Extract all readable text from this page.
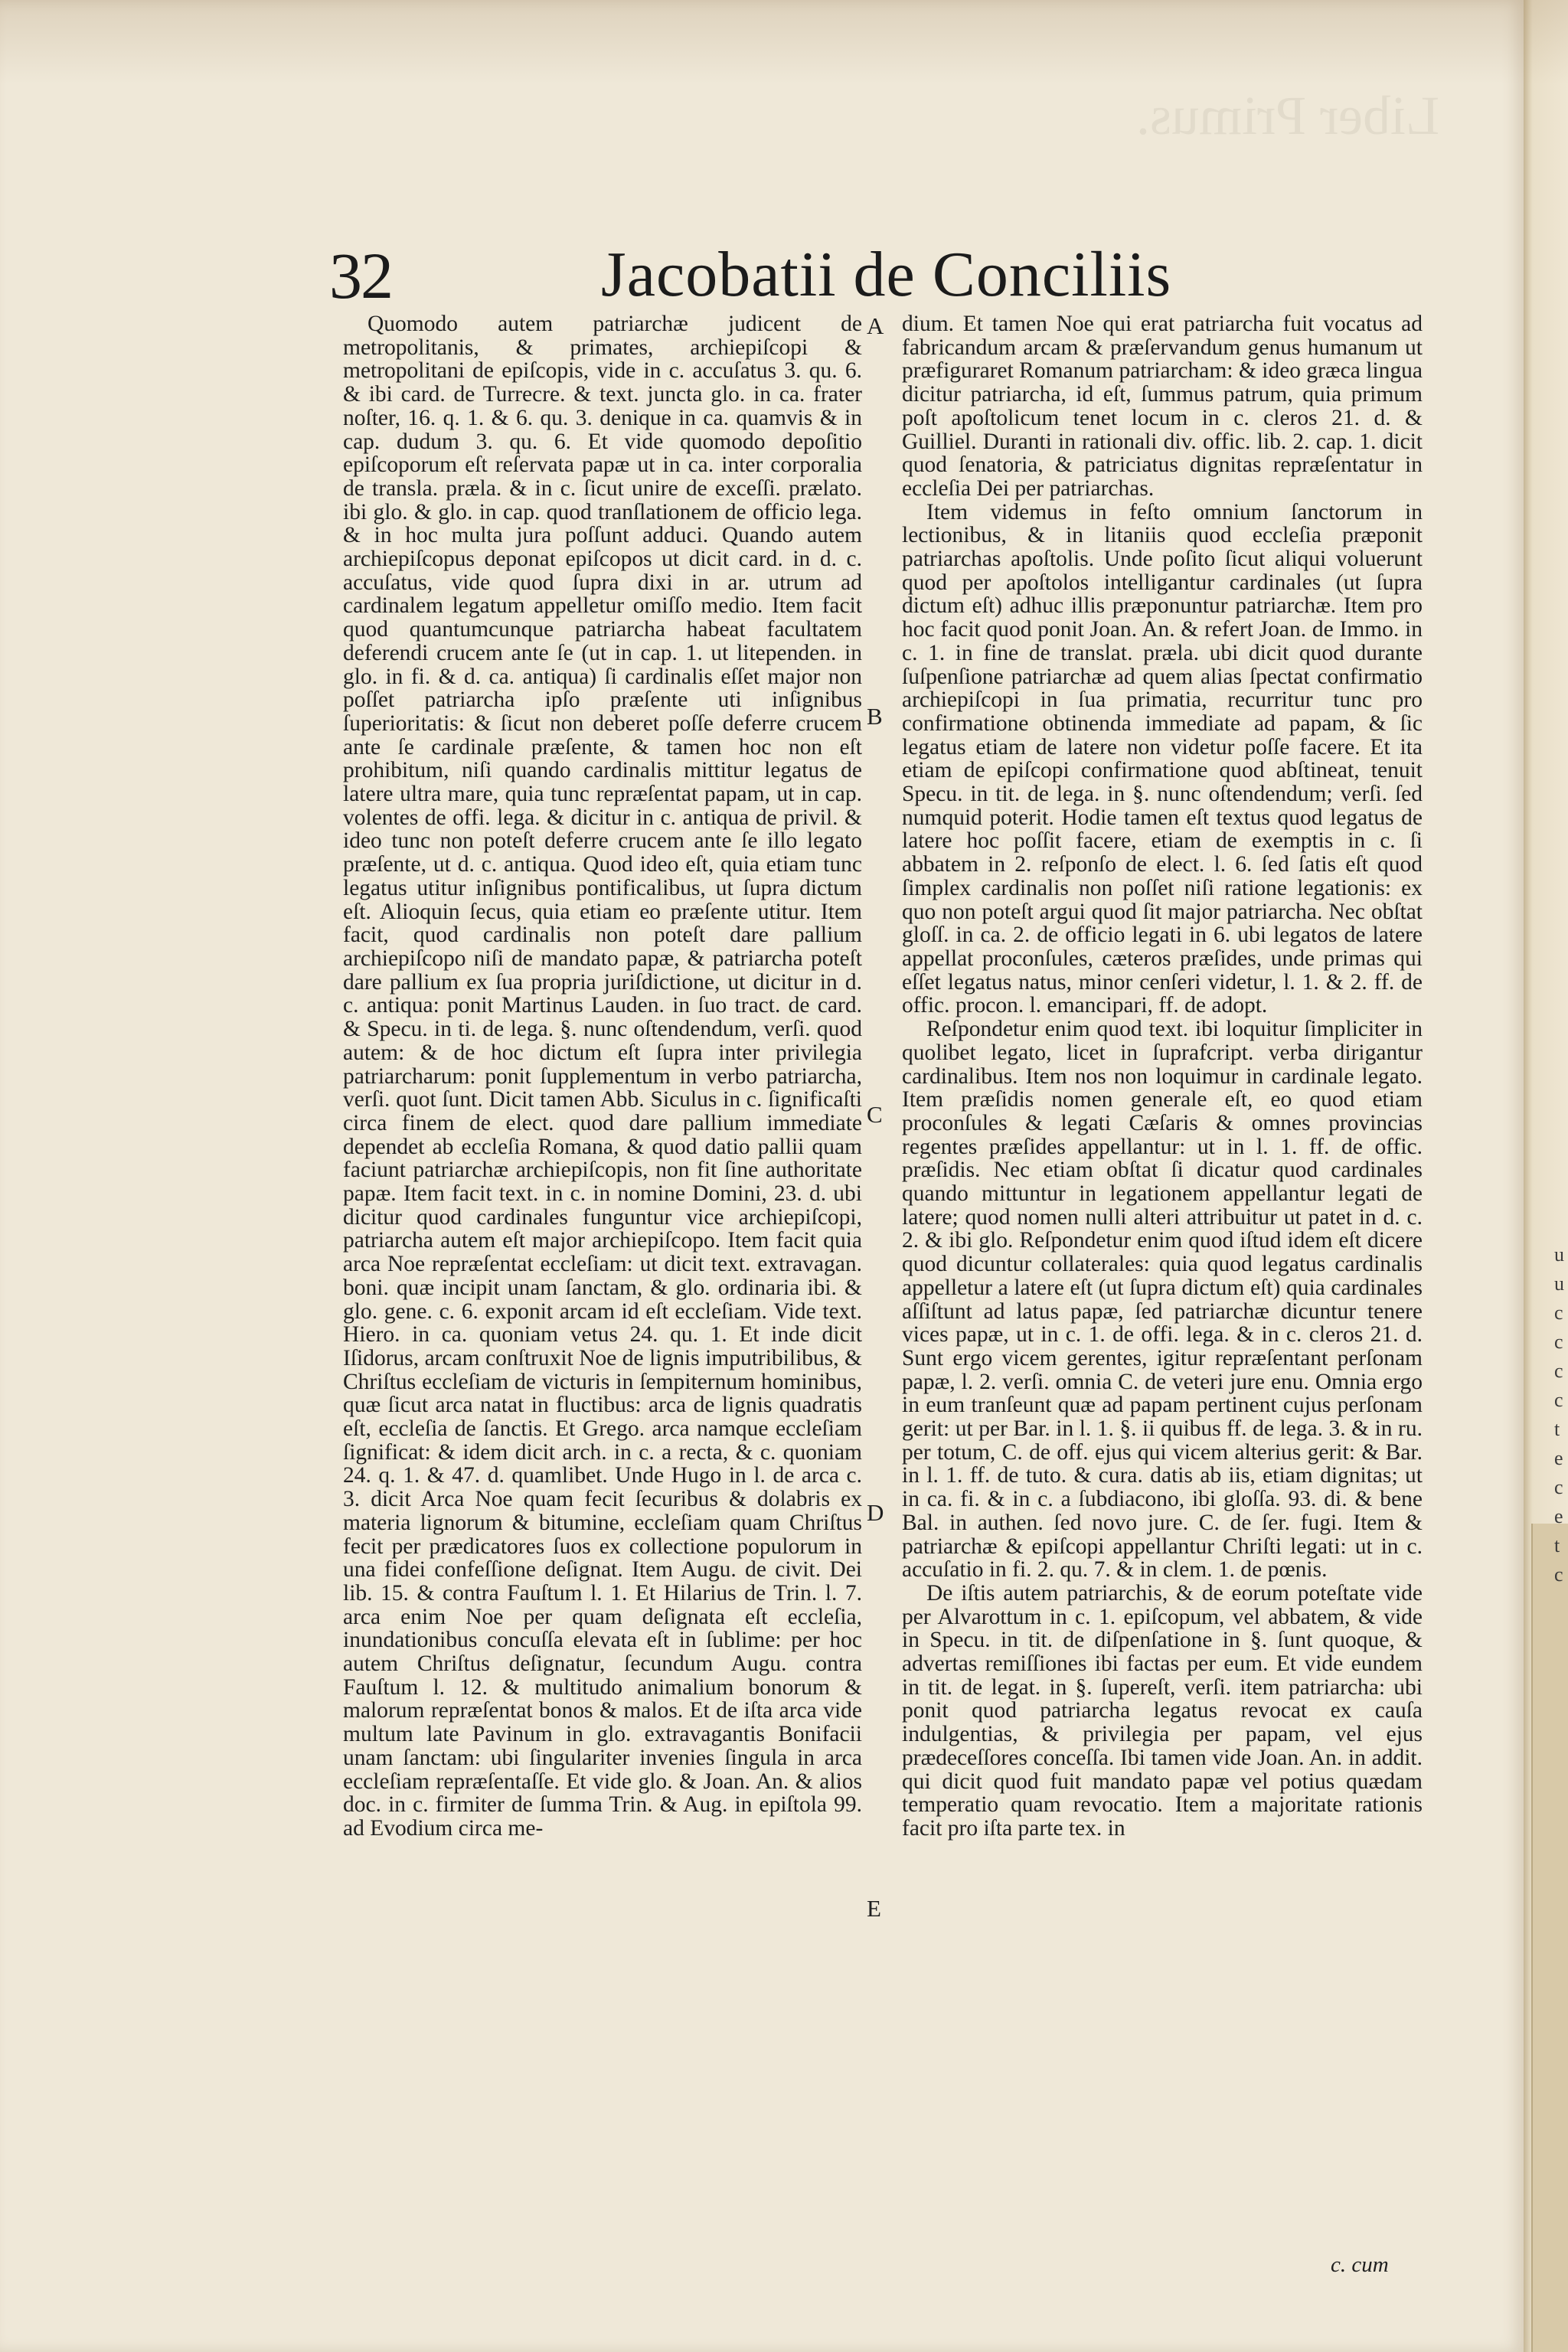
Liber Primus.
32	Jacobatii de Conciliis

Quomodo autem patriarchæ judicent de metropolitanis, & primates, archiepiſcopi & metropolitani de epiſcopis, vide in c. accuſatus 3. qu. 6. & ibi card. de Turrecre. & text. juncta glo. in ca. frater noſter, 16. q. 1. & 6. qu. 3. denique in ca. quamvis & in cap. dudum 3. qu. 6. Et vide quomodo depoſitio epiſcoporum eſt reſervata papæ ut in ca. inter corporalia de transla. præla. & in c. ſicut unire de exceſſi. prælato. ibi glo. & glo. in cap. quod tranſlationem de officio lega. & in hoc multa jura poſſunt adduci. Quando autem archiepiſcopus deponat epiſcopos ut dicit card. in d. c. accuſatus, vide quod ſupra dixi in ar. utrum ad cardinalem legatum appelletur omiſſo medio. Item facit quod quantumcunque patriarcha habeat facultatem deferendi crucem ante ſe (ut in cap. 1. ut litependen. in glo. in fi. & d. ca. antiqua) ſi cardinalis eſſet major non poſſet patriarcha ipſo præſente uti inſignibus ſuperioritatis: & ſicut non deberet poſſe deferre crucem ante ſe cardinale præſente, & tamen hoc non eſt prohibitum, niſi quando cardinalis mittitur legatus de latere ultra mare, quia tunc repræſentat papam, ut in cap. volentes de offi. lega. & dicitur in c. antiqua de privil. & ideo tunc non poteſt deferre crucem ante ſe illo legato præſente, ut d. c. antiqua. Quod ideo eſt, quia etiam tunc legatus utitur inſignibus pontificalibus, ut ſupra dictum eſt. Alioquin ſecus, quia etiam eo præſente utitur. Item facit, quod cardinalis non poteſt dare pallium archiepiſcopo niſi de mandato papæ, & patriarcha poteſt dare pallium ex ſua propria juriſdictione, ut dicitur in d. c. antiqua: ponit Martinus Lauden. in ſuo tract. de card. & Specu. in ti. de lega. §. nunc oſtendendum, verſi. quod autem: & de hoc dictum eſt ſupra inter privilegia patriarcharum: ponit ſupplementum in verbo patriarcha, verſi. quot ſunt. Dicit tamen Abb. Siculus in c. ſignificaſti circa finem de elect. quod dare pallium immediate dependet ab eccleſia Romana, & quod datio pallii quam faciunt patriarchæ archiepiſcopis, non fit ſine authoritate papæ. Item facit text. in c. in nomine Domini, 23. d. ubi dicitur quod cardinales funguntur vice archiepiſcopi, patriarcha autem eſt major archiepiſcopo. Item facit quia arca Noe repræſentat eccleſiam: ut dicit text. extravagan. boni. quæ incipit unam ſanctam, & glo. ordinaria ibi. & glo. gene. c. 6. exponit arcam id eſt eccleſiam. Vide text. Hiero. in ca. quoniam vetus 24. qu. 1. Et inde dicit Iſidorus, arcam conſtruxit Noe de lignis imputribilibus, & Chriſtus eccleſiam de victuris in ſempiternum hominibus, quæ ſicut arca natat in fluctibus: arca de lignis quadratis eſt, eccleſia de ſanctis. Et Grego. arca namque eccleſiam ſignificat: & idem dicit arch. in c. a recta, & c. quoniam 24. q. 1. & 47. d. quamlibet. Unde Hugo in l. de arca c. 3. dicit Arca Noe quam fecit ſecuribus & dolabris ex materia lignorum & bitumine, eccleſiam quam Chriſtus fecit per prædicatores ſuos ex collectione populorum in una fidei confeſſione deſignat. Item Augu. de civit. Dei lib. 15. & contra Fauſtum l. 1. Et Hilarius de Trin. l. 7. arca enim Noe per quam deſignata eſt eccleſia, inundationibus concuſſa elevata eſt in ſublime: per hoc autem Chriſtus deſignatur, ſecundum Augu. contra Fauſtum l. 12. & multitudo animalium bonorum & malorum repræſentat bonos & malos. Et de iſta arca vide multum late Pavinum in glo. extravagantis Bonifacii unam ſanctam: ubi ſingulariter invenies ſingula in arca eccleſiam repræſentaſſe. Et vide glo. & Joan. An. & alios doc. in c. firmiter de ſumma Trin. & Aug. in epiſtola 99. ad Evodium circa me-

A
B
C
D
E

dium. Et tamen Noe qui erat patriarcha fuit vocatus ad fabricandum arcam & præſervandum genus humanum ut præfiguraret Romanum patriarcham: & ideo græca lingua dicitur patriarcha, id eſt, ſummus patrum, quia primum poſt apoſtolicum tenet locum in c. cleros 21. d. & Guilliel. Duranti in rationali div. offic. lib. 2. cap. 1. dicit quod ſenatoria, & patriciatus dignitas repræſentatur in eccleſia Dei per patriarchas.

Item videmus in feſto omnium ſanctorum in lectionibus, & in litaniis quod eccleſia præponit patriarchas apoſtolis. Unde poſito ſicut aliqui voluerunt quod per apoſtolos intelligantur cardinales (ut ſupra dictum eſt) adhuc illis præponuntur patriarchæ. Item pro hoc facit quod ponit Joan. An. & refert Joan. de Immo. in c. 1. in fine de translat. præla. ubi dicit quod durante ſuſpenſione patriarchæ ad quem alias ſpectat confirmatio archiepiſcopi in ſua primatia, recurritur tunc pro confirmatione obtinenda immediate ad papam, & ſic legatus etiam de latere non videtur poſſe facere. Et ita etiam de epiſcopi confirmatione quod abſtineat, tenuit Specu. in tit. de lega. in §. nunc oſtendendum; verſi. ſed numquid poterit. Hodie tamen eſt textus quod legatus de latere hoc poſſit facere, etiam de exemptis in c. ſi abbatem in 2. reſponſo de elect. l. 6. ſed ſatis eſt quod ſimplex cardinalis non poſſet niſi ratione legationis: ex quo non poteſt argui quod ſit major patriarcha. Nec obſtat gloſſ. in ca. 2. de officio legati in 6. ubi legatos de latere appellat proconſules, cæteros præſides, unde primas qui eſſet legatus natus, minor cenſeri videtur, l. 1. & 2. ff. de offic. procon. l. emancipari, ff. de adopt.

Reſpondetur enim quod text. ibi loquitur ſimpliciter in quolibet legato, licet in ſuprafcript. verba dirigantur cardinalibus. Item nos non loquimur in cardinale legato. Item præſidis nomen generale eſt, eo quod etiam proconſules & legati Cæſaris & omnes provincias regentes præſides appellantur: ut in l. 1. ff. de offic. præſidis. Nec etiam obſtat ſi dicatur quod cardinales quando mittuntur in legationem appellantur legati de latere; quod nomen nulli alteri attribuitur ut patet in d. c. 2. & ibi glo. Reſpondetur enim quod iſtud idem eſt dicere quod dicuntur collaterales: quia quod legatus cardinalis appelletur a latere eſt (ut ſupra dictum eſt) quia cardinales aſſiſtunt ad latus papæ, ſed patriarchæ dicuntur tenere vices papæ, ut in c. 1. de offi. lega. & in c. cleros 21. d. Sunt ergo vicem gerentes, igitur repræſentant perſonam papæ, l. 2. verſi. omnia C. de veteri jure enu. Omnia ergo in eum tranſeunt quæ ad papam pertinent cujus perſonam gerit: ut per Bar. in l. 1. §. ii quibus ff. de lega. 3. & in ru. per totum, C. de off. ejus qui vicem alterius gerit: & Bar. in l. 1. ff. de tuto. & cura. datis ab iis, etiam dignitas; ut in ca. fi. & in c. a ſubdiacono, ibi gloſſa. 93. di. & bene Bal. in authen. ſed novo jure. C. de ſer. fugi. Item & patriarchæ & epiſcopi appellantur Chriſti legati: ut in c. accuſatio in fi. 2. qu. 7. & in clem. 1. de pœnis.

De iſtis autem patriarchis, & de eorum poteſtate vide per Alvarottum in c. 1. epiſcopum, vel abbatem, & vide in Specu. in tit. de diſpenſatione in §. ſunt quoque, & advertas remiſſiones ibi factas per eum. Et vide eundem in tit. de legat. in §. ſupereſt, verſi. item patriarcha: ubi ponit quod patriarcha legatus revocat ex cauſa indulgentias, & privilegia per papam, vel ejus prædeceſſores conceſſa. Ibi tamen vide Joan. An. in addit. qui dicit quod fuit mandato papæ vel potius quædam temperatio quam revocatio. Item a majoritate rationis facit pro iſta parte tex. in

c. cum
u
u
c
c
c
c
t
e
c
e
t
c
